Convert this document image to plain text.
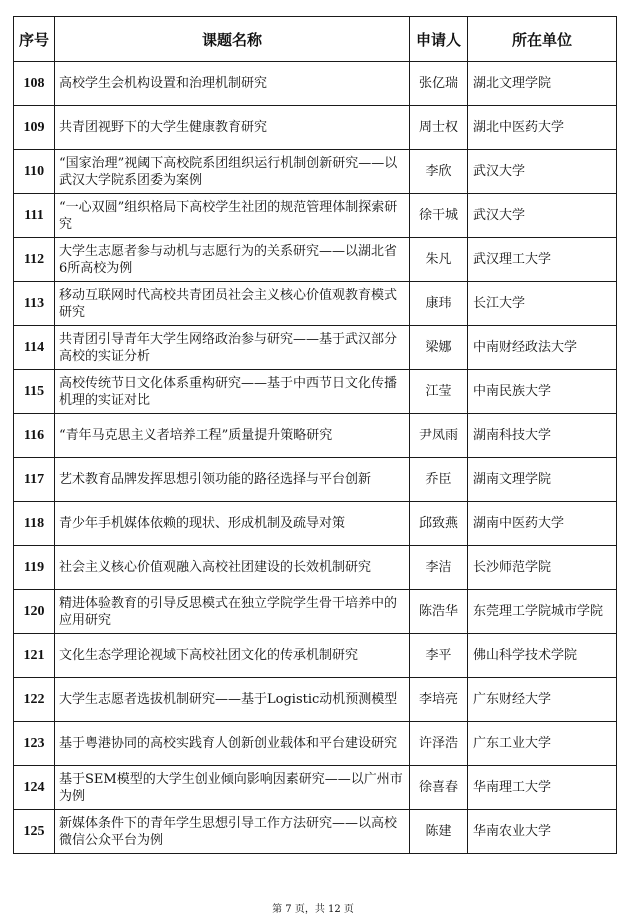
序号	课题名称	申请人	所在单位
108	高校学生会机构设置和治理机制研究	张亿瑞	湖北文理学院
109	共青团视野下的大学生健康教育研究	周士权	湖北中医药大学
110	“国家治理”视阈下高校院系团组织运行机制创新研究——以武汉大学院系团委为案例	李欣	武汉大学
111	“一心双圆”组织格局下高校学生社团的规范管理体制探索研究	徐干城	武汉大学
112	大学生志愿者参与动机与志愿行为的关系研究——以湖北省6所高校为例	朱凡	武汉理工大学
113	移动互联网时代高校共青团员社会主义核心价值观教育模式研究	康玮	长江大学
114	共青团引导青年大学生网络政治参与研究——基于武汉部分高校的实证分析	梁娜	中南财经政法大学
115	高校传统节日文化体系重构研究——基于中西节日文化传播机理的实证对比	江莹	中南民族大学
116	“青年马克思主义者培养工程”质量提升策略研究	尹凤雨	湖南科技大学
117	艺术教育品牌发挥思想引领功能的路径选择与平台创新	乔臣	湖南文理学院
118	青少年手机媒体依赖的现状、形成机制及疏导对策	邱致燕	湖南中医药大学
119	社会主义核心价值观融入高校社团建设的长效机制研究	李洁	长沙师范学院
120	精进体验教育的引导反思模式在独立学院学生骨干培养中的应用研究	陈浩华	东莞理工学院城市学院
121	文化生态学理论视域下高校社团文化的传承机制研究	李平	佛山科学技术学院
122	大学生志愿者选拔机制研究——基于Logistic动机预测模型	李培亮	广东财经大学
123	基于粤港协同的高校实践育人创新创业载体和平台建设研究	许泽浩	广东工业大学
124	基于SEM模型的大学生创业倾向影响因素研究——以广州市为例	徐喜春	华南理工大学
125	新媒体条件下的青年学生思想引导工作方法研究——以高校微信公众平台为例	陈建	华南农业大学
第 7 页，共 12 页
